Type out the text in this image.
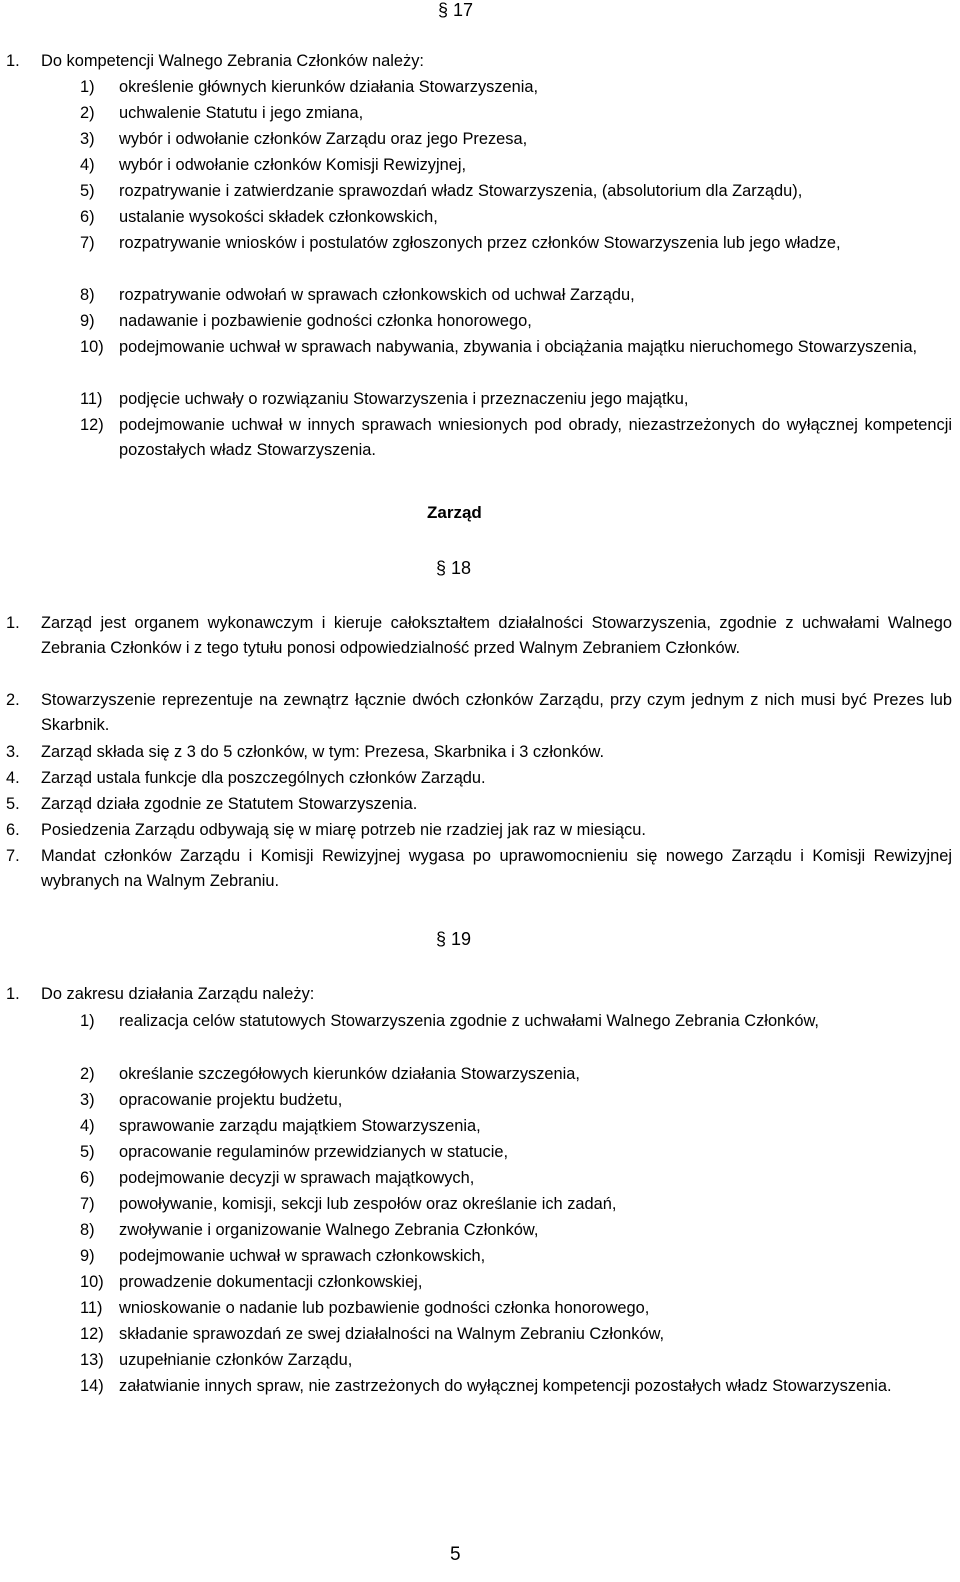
§ 17
1. Do kompetencji Walnego Zebrania Członków należy:
1) określenie głównych kierunków działania Stowarzyszenia,
2) uchwalenie Statutu i jego zmiana,
3) wybór i odwołanie członków Zarządu oraz jego Prezesa,
4) wybór i odwołanie członków Komisji Rewizyjnej,
5) rozpatrywanie i zatwierdzanie sprawozdań władz Stowarzyszenia, (absolutorium dla Zarządu),
6) ustalanie wysokości składek członkowskich,
7) rozpatrywanie wniosków i postulatów zgłoszonych przez członków Stowarzyszenia lub jego władze,
8) rozpatrywanie odwołań w sprawach członkowskich od uchwał Zarządu,
9) nadawanie i pozbawienie godności członka honorowego,
10) podejmowanie uchwał w sprawach nabywania, zbywania i obciążania majątku nieruchomego Stowarzyszenia,
11) podjęcie uchwały o rozwiązaniu Stowarzyszenia i przeznaczeniu jego majątku,
12) podejmowanie uchwał w innych sprawach wniesionych pod obrady, niezastrzeżonych do wyłącznej kompetencji pozostałych władz Stowarzyszenia.
Zarząd
§ 18
1. Zarząd jest organem wykonawczym i kieruje całokształtem działalności Stowarzyszenia, zgodnie z uchwałami Walnego Zebrania Członków i z tego tytułu ponosi odpowiedzialność przed Walnym Zebraniem Członków.
2. Stowarzyszenie reprezentuje na zewnątrz łącznie dwóch członków Zarządu, przy czym jednym z nich musi być Prezes lub Skarbnik.
3. Zarząd składa się z 3 do 5 członków, w tym: Prezesa, Skarbnika i 3 członków.
4. Zarząd ustala funkcje dla poszczególnych członków Zarządu.
5. Zarząd działa zgodnie ze Statutem Stowarzyszenia.
6. Posiedzenia Zarządu odbywają się w miarę potrzeb nie rzadziej jak raz w miesiącu.
7. Mandat członków Zarządu i Komisji Rewizyjnej wygasa po uprawomocnieniu się nowego Zarządu i Komisji Rewizyjnej wybranych na Walnym Zebraniu.
§ 19
1. Do zakresu działania Zarządu należy:
1) realizacja celów statutowych Stowarzyszenia zgodnie z uchwałami Walnego Zebrania Członków,
2) określanie szczegółowych kierunków działania Stowarzyszenia,
3) opracowanie projektu budżetu,
4) sprawowanie zarządu majątkiem Stowarzyszenia,
5) opracowanie regulaminów przewidzianych w statucie,
6) podejmowanie decyzji w sprawach majątkowych,
7) powoływanie, komisji, sekcji lub zespołów oraz określanie ich zadań,
8) zwoływanie i organizowanie Walnego Zebrania Członków,
9) podejmowanie uchwał w sprawach członkowskich,
10) prowadzenie dokumentacji członkowskiej,
11) wnioskowanie o nadanie lub pozbawienie godności członka honorowego,
12) składanie sprawozdań ze swej działalności na Walnym Zebraniu Członków,
13) uzupełnianie członków Zarządu,
14) załatwianie innych spraw, nie zastrzeżonych do wyłącznej kompetencji pozostałych władz Stowarzyszenia.
5
